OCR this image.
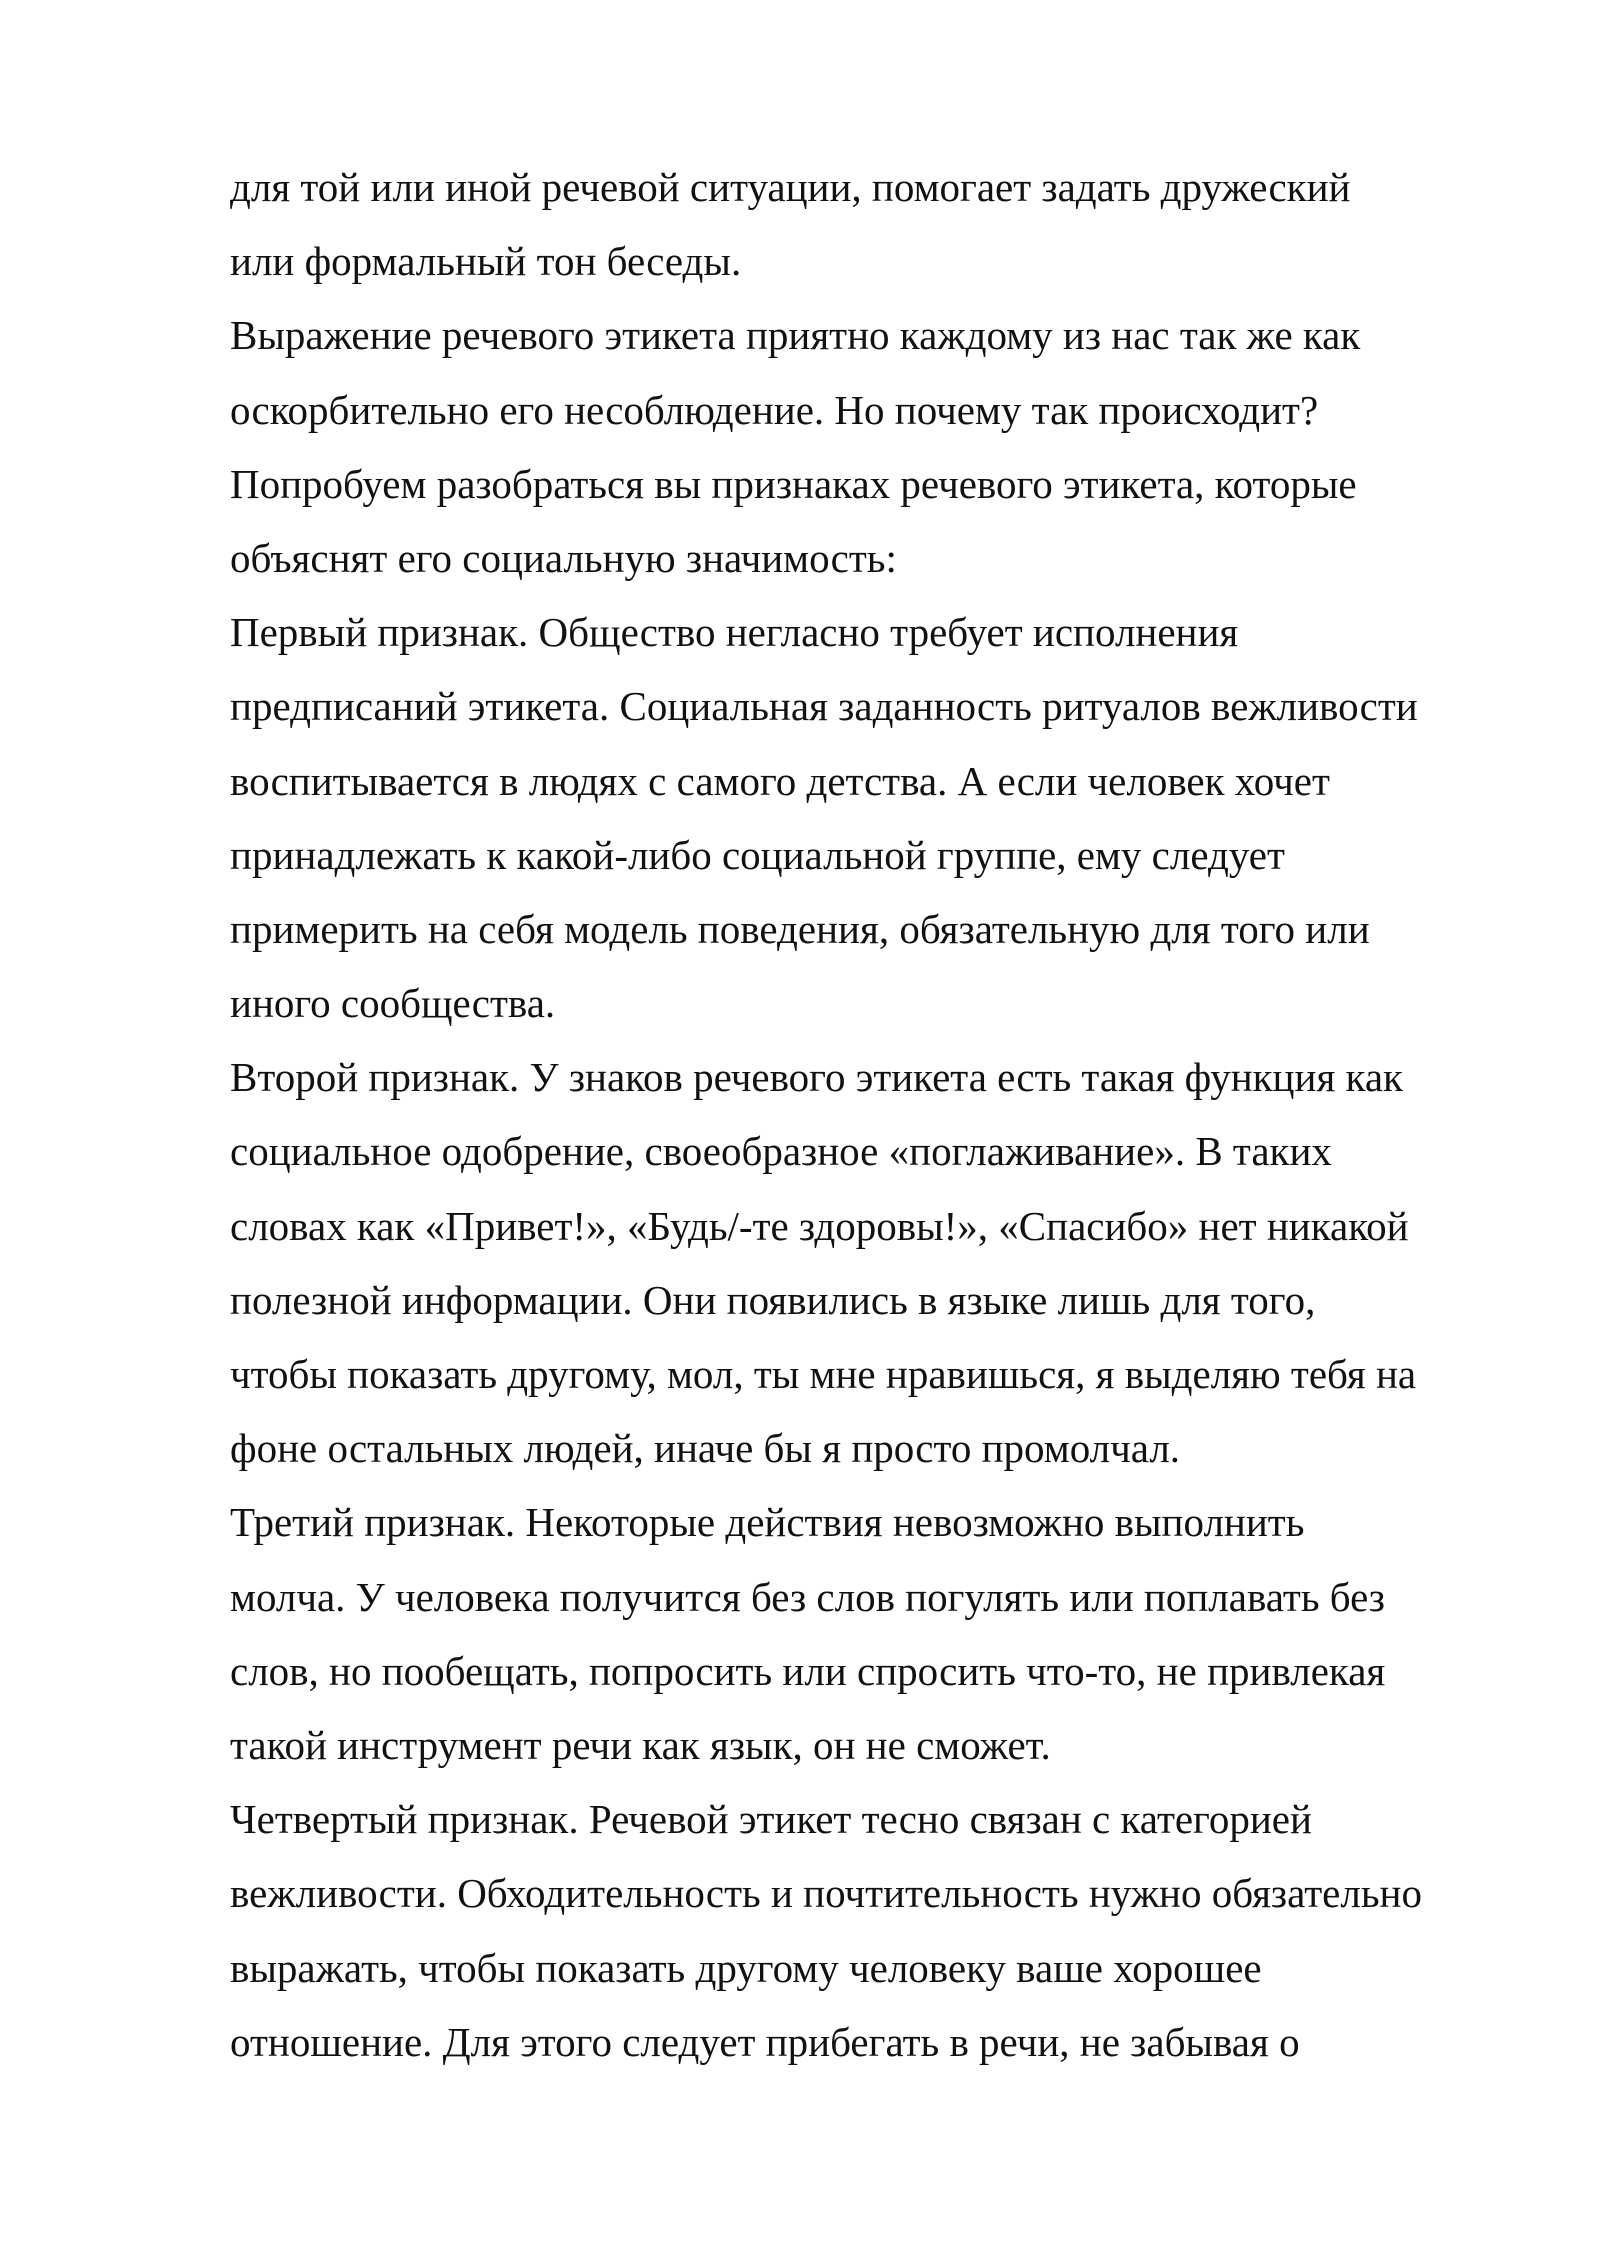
для той или иной речевой ситуации, помогает задать дружеский
или формальный тон беседы.
Выражение речевого этикета приятно каждому из нас так же как
оскорбительно его несоблюдение. Но почему так происходит?
Попробуем разобраться вы признаках речевого этикета, которые
объяснят его социальную значимость:
Первый признак. Общество негласно требует исполнения
предписаний этикета. Социальная заданность ритуалов вежливости
воспитывается в людях с самого детства. А если человек хочет
принадлежать к какой-либо социальной группе, ему следует
примерить на себя модель поведения, обязательную для того или
иного сообщества.
Второй признак. У знаков речевого этикета есть такая функция как
социальное одобрение, своеобразное «поглаживание». В таких
словах как «Привет!», «Будь/-те здоровы!», «Спасибо» нет никакой
полезной информации. Они появились в языке лишь для того,
чтобы показать другому, мол, ты мне нравишься, я выделяю тебя на
фоне остальных людей, иначе бы я просто промолчал.
Третий признак. Некоторые действия невозможно выполнить
молча. У человека получится без слов погулять или поплавать без
слов, но пообещать, попросить или спросить что-то, не привлекая
такой инструмент речи как язык, он не сможет.
Четвертый признак. Речевой этикет тесно связан с категорией
вежливости. Обходительность и почтительность нужно обязательно
выражать, чтобы показать другому человеку ваше хорошее
отношение. Для этого следует прибегать в речи, не забывая о
